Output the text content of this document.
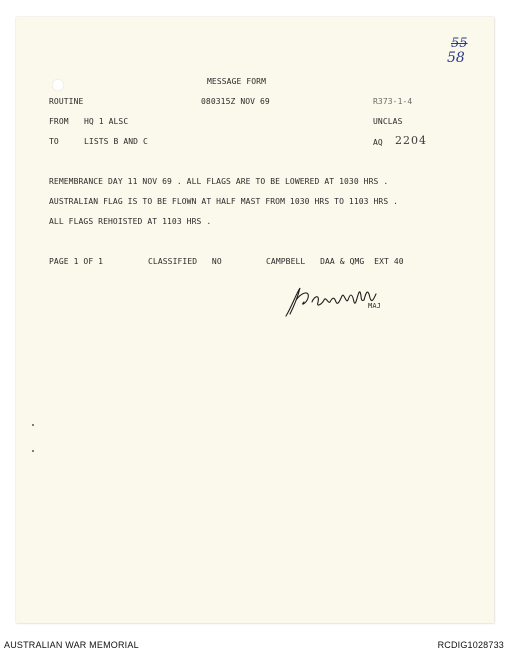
55
58
MESSAGE FORM
ROUTINE	080315Z NOV 69	R373-1-4
FROM HQ 1 ALSC	UNCLAS
TO	LISTS B AND C	AQ 2204
REMEMBRANCE DAY 11 NOV 69 . ALL FLAGS ARE TO BE LOWERED AT 1030 HRS .
AUSTRALIAN FLAG IS TO BE FLOWN AT HALF MAST FROM 1030 HRS TO 1103 HRS .
ALL FLAGS REHOISTED AT 1103 HRS .
PAGE 1 OF 1	CLASSIFIED   NO	CAMPBELL   DAA & QMG  EXT 40
MAJ
AUSTRALIAN WAR MEMORIAL	RCDIG1028733
